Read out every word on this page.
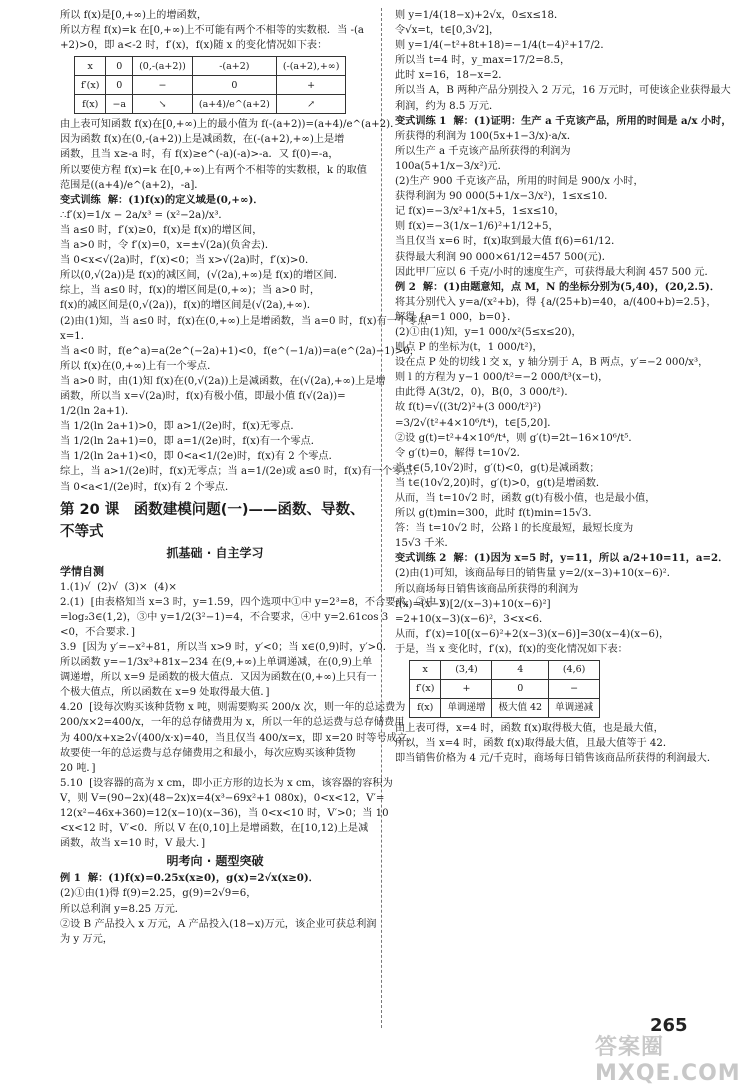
所以 f(x)是[0,+∞)上的增函数，
所以方程 f(x)=k 在[0,+∞)上不可能有两个不相等的实数根．当 -(a
+2)>0，即 a<-2 时，f′(x)，f(x)随 x 的变化情况如下表：
x	0	(0,-(a+2))	-(a+2)	(-(a+2),+∞)
f′(x)	0	−	0	+
f(x)	−a	↘	(a+4)/e^(a+2)	↗
由上表可知函数 f(x)在[0,+∞)上的最小值为 f(-(a+2))=(a+4)/e^(a+2)．
因为函数 f(x)在(0,-(a+2))上是减函数，在(-(a+2),+∞)上是增
函数，且当 x≥-a 时，有 f(x)≥e^(-a)(-a)>-a．又 f(0)=-a，
所以要使方程 f(x)=k 在[0,+∞)上有两个不相等的实数根，k 的取值
范围是((a+4)/e^(a+2)，-a]．
变式训练  解：(1)f(x)的定义域是(0,+∞)．
∴f′(x)=1/x − 2a/x³ = (x²−2a)/x³．
当 a≤0 时，f′(x)≥0，f(x)是 f(x)的增区间，
当 a>0 时，令 f′(x)=0，x=±√(2a)(负舍去)．
当 0<x<√(2a)时，f′(x)<0；当 x>√(2a)时，f′(x)>0．
所以(0,√(2a))是 f(x)的减区间，(√(2a),+∞)是 f(x)的增区间．
综上，当 a≤0 时，f(x)的增区间是(0,+∞)；当 a>0 时，
f(x)的减区间是(0,√(2a))，f(x)的增区间是(√(2a),+∞)．
(2)由(1)知，当 a≤0 时，f(x)在(0,+∞)上是增函数，当 a=0 时，f(x)有一个零点
x=1．
当 a<0 时，f(e^a)=a(2e^(−2a)+1)<0，f(e^(−1/a))=a(e^(2a)−1)>0，
所以 f(x)在(0,+∞)上有一个零点．
当 a>0 时，由(1)知 f(x)在(0,√(2a))上是减函数，在(√(2a),+∞)上是增
函数，所以当 x=√(2a)时，f(x)有极小值，即最小值 f(√(2a))=
1/2(ln 2a+1)．
当 1/2(ln 2a+1)>0，即 a>1/(2e)时，f(x)无零点．
当 1/2(ln 2a+1)=0，即 a=1/(2e)时，f(x)有一个零点．
当 1/2(ln 2a+1)<0，即 0<a<1/(2e)时，f(x)有 2 个零点．
综上，当 a>1/(2e)时，f(x)无零点；当 a=1/(2e)或 a≤0 时，f(x)有一个零点；
当 0<a<1/(2e)时，f(x)有 2 个零点．
第 20 课　函数建模问题(一)——函数、导数、不等式
抓基础 · 自主学习
学情自测
1.(1)√  (2)√  (3)×  (4)×
2.(1)  [由表格知当 x=3 时，y=1.59，四个选项中①中 y=2³=8，不合要求，②中 y
=log₂3∈(1,2)，③中 y=1/2(3²−1)=4，不合要求，④中 y=2.61cos 3
<0，不合要求．]
3.9  [因为 y′=−x²+81，所以当 x>9 时，y′<0；当 x∈(0,9)时，y′>0．
所以函数 y=−1/3x³+81x−234 在(9,+∞)上单调递减，在(0,9)上单
调递增，所以 x=9 是函数的极大值点．又因为函数在(0,+∞)上只有一
个极大值点，所以函数在 x=9 处取得最大值．]
4.20  [设每次购买该种货物 x 吨，则需要购买 200/x 次，则一年的总运费为
200/x×2=400/x，一年的总存储费用为 x，所以一年的总运费与总存储费用
为 400/x+x≥2√(400/x·x)=40，当且仅当 400/x=x，即 x=20 时等号成立，
故要使一年的总运费与总存储费用之和最小，每次应购买该种货物
20 吨．]
5.10  [设容器的高为 x cm，即小正方形的边长为 x cm，该容器的容积为
V，则 V=(90−2x)(48−2x)x=4(x³−69x²+1 080x)，0<x<12，V′=
12(x²−46x+360)=12(x−10)(x−36)，当 0<x<10 时，V′>0；当 10
<x<12 时，V′<0．所以 V 在(0,10]上是增函数，在[10,12)上是减
函数，故当 x=10 时，V 最大．]
明考向 · 题型突破
例 1  解：(1)f(x)=0.25x(x≥0)，g(x)=2√x(x≥0)．
(2)①由(1)得 f(9)=2.25，g(9)=2√9=6，
所以总利润 y=8.25 万元．
②设 B 产品投入 x 万元，A 产品投入(18−x)万元，该企业可获总利润
为 y 万元，
则 y=1/4(18−x)+2√x，0≤x≤18．
令√x=t，t∈[0,3√2]，
则 y=1/4(−t²+8t+18)=−1/4(t−4)²+17/2．
所以当 t=4 时，y_max=17/2=8.5，
此时 x=16，18−x=2．
所以当 A，B 两种产品分别投入 2 万元，16 万元时，可使该企业获得最大
利润，约为 8.5 万元．
变式训练 1  解：(1)证明：生产 a 千克该产品，所用的时间是 a/x 小时，
所获得的利润为 100(5x+1−3/x)·a/x．
所以生产 a 千克该产品所获得的利润为
100a(5+1/x−3/x²)元．
(2)生产 900 千克该产品，所用的时间是 900/x 小时，
获得利润为 90 000(5+1/x−3/x²)，1≤x≤10．
记 f(x)=−3/x²+1/x+5，1≤x≤10，
则 f(x)=−3(1/x−1/6)²+1/12+5，
当且仅当 x=6 时，f(x)取到最大值 f(6)=61/12．
获得最大利润 90 000×61/12=457 500(元)．
因此甲厂应以 6 千克/小时的速度生产，可获得最大利润 457 500 元．
例 2  解：(1)由题意知，点 M，N 的坐标分别为(5,40)，(20,2.5)．
将其分别代入 y=a/(x²+b)，得 {a/(25+b)=40，a/(400+b)=2.5}，
解得 {a=1 000，b=0}．
(2)①由(1)知，y=1 000/x²(5≤x≤20)，
则点 P 的坐标为(t，1 000/t²)，
设在点 P 处的切线 l 交 x，y 轴分别于 A，B 两点，y′=−2 000/x³，
则 l 的方程为 y−1 000/t²=−2 000/t³(x−t)，
由此得 A(3t/2，0)，B(0，3 000/t²)．
故 f(t)=√((3t/2)²+(3 000/t²)²)
=3/2√(t²+4×10⁶/t⁴)，t∈[5,20]．
②设 g(t)=t²+4×10⁶/t⁴，则 g′(t)=2t−16×10⁶/t⁵．
令 g′(t)=0，解得 t=10√2．
当 t∈(5,10√2)时，g′(t)<0，g(t)是减函数；
当 t∈(10√2,20)时，g′(t)>0，g(t)是增函数．
从而，当 t=10√2 时，函数 g(t)有极小值，也是最小值，
所以 g(t)min=300，此时 f(t)min=15√3．
答：当 t=10√2 时，公路 l 的长度最短，最短长度为
15√3 千米．
变式训练 2  解：(1)因为 x=5 时，y=11，所以 a/2+10=11，a=2．
(2)由(1)可知，该商品每日的销售量 y=2/(x−3)+10(x−6)²．
所以商场每日销售该商品所获得的利润为
f(x)=(x−3)[2/(x−3)+10(x−6)²]
=2+10(x−3)(x−6)²，3<x<6．
从而，f′(x)=10[(x−6)²+2(x−3)(x−6)]=30(x−4)(x−6)，
于是，当 x 变化时，f′(x)，f(x)的变化情况如下表：
x	(3,4)	4	(4,6)
f′(x)	+	0	−
f(x)	单调递增	极大值 42	单调递减
由上表可得，x=4 时，函数 f(x)取得极大值，也是最大值，
所以，当 x=4 时，函数 f(x)取得最大值，且最大值等于 42．
即当销售价格为 4 元/千克时，商场每日销售该商品所获得的利润最大．
265
答案圈 MXQE.COM
